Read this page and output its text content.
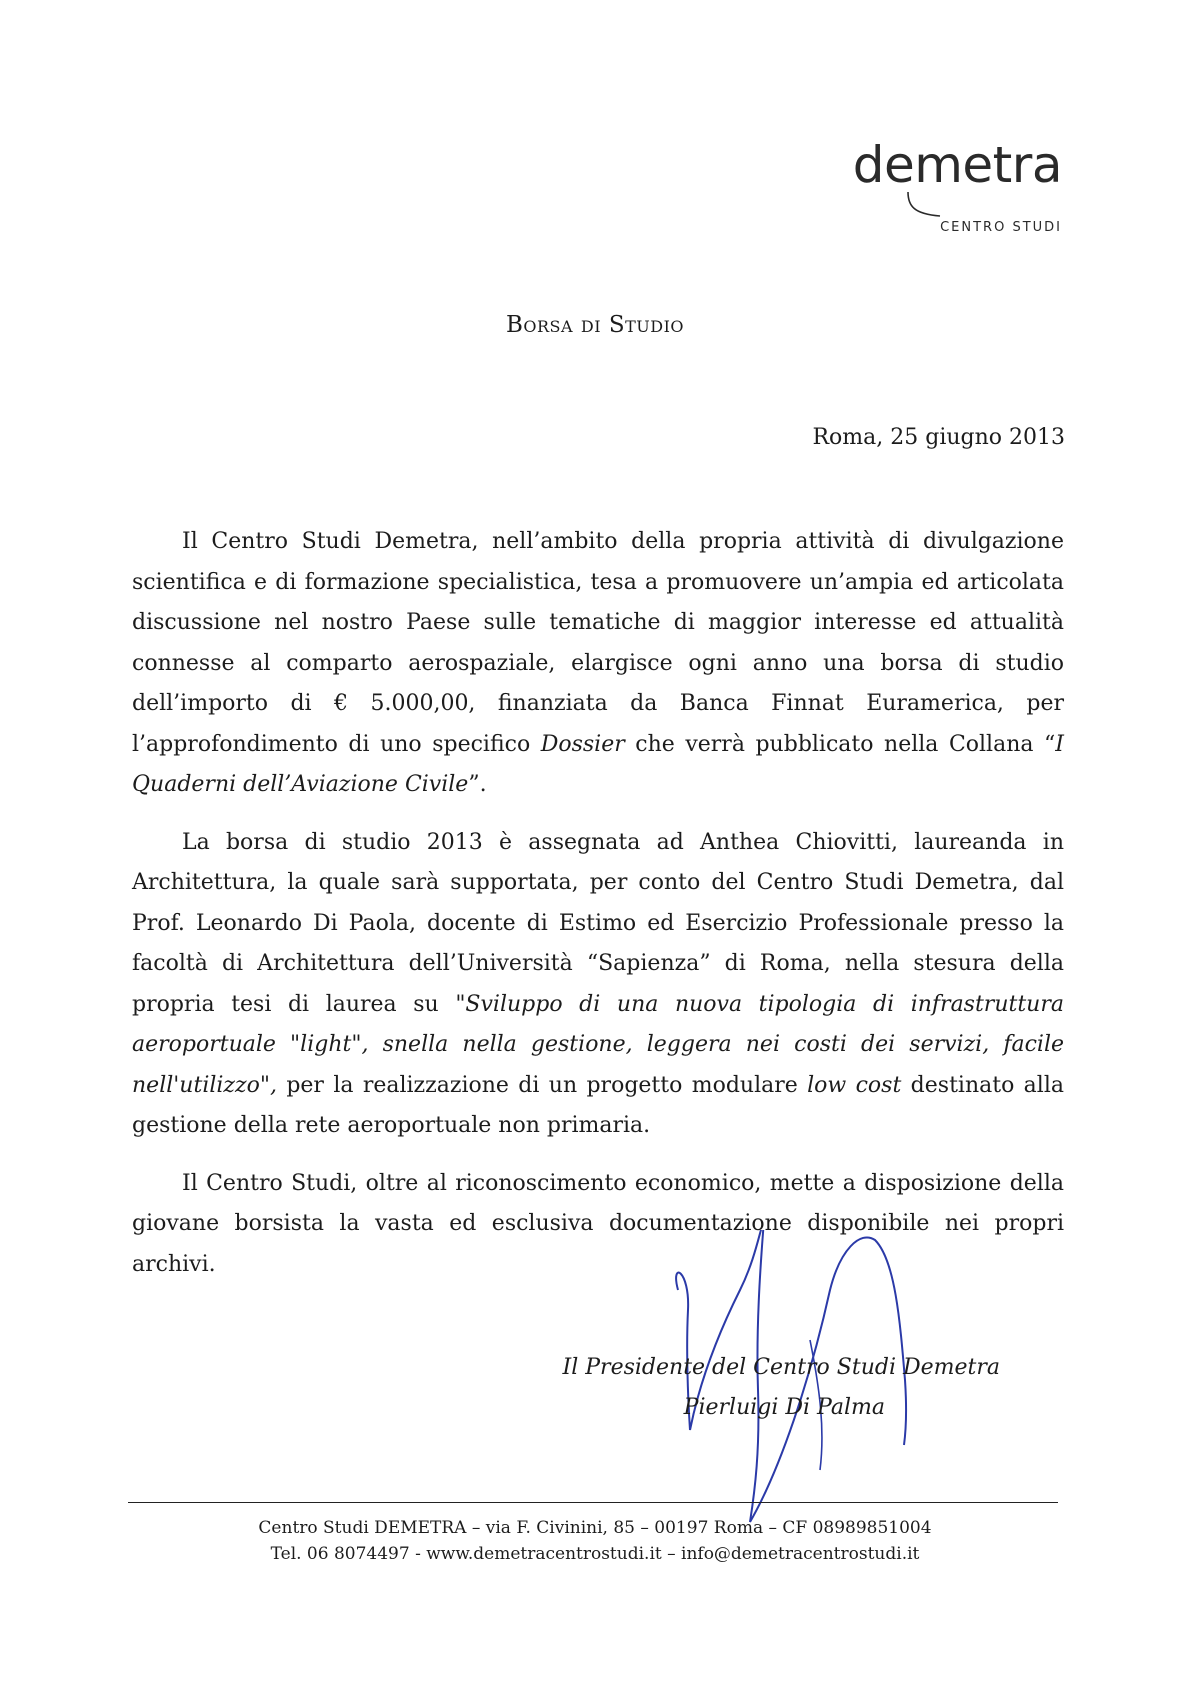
demetra
CENTRO STUDI
Borsa di Studio
Roma, 25 giugno 2013

Il Centro Studi Demetra, nell’ambito della propria attività di divulgazione scientifica e di formazione specialistica, tesa a promuovere un’ampia ed articolata discussione nel nostro Paese sulle tematiche di maggior interesse ed attualità connesse al comparto aerospaziale, elargisce ogni anno una borsa di studio dell’importo di € 5.000,00, finanziata da Banca Finnat Euramerica, per l’approfondimento di uno specifico Dossier che verrà pubblicato nella Collana “I Quaderni dell’Aviazione Civile”.

La borsa di studio 2013 è assegnata ad Anthea Chiovitti, laureanda in Architettura, la quale sarà supportata, per conto del Centro Studi Demetra, dal Prof. Leonardo Di Paola, docente di Estimo ed Esercizio Professionale presso la facoltà di Architettura dell’Università “Sapienza” di Roma, nella stesura della propria tesi di laurea su "Sviluppo di una nuova tipologia di infrastruttura aeroportuale "light", snella nella gestione, leggera nei costi dei servizi, facile nell'utilizzo", per la realizzazione di un progetto modulare low cost destinato alla gestione della rete aeroportuale non primaria.

Il Centro Studi, oltre al riconoscimento economico, mette a disposizione della giovane borsista la vasta ed esclusiva documentazione disponibile nei propri archivi.

Il Presidente del Centro Studi Demetra
Pierluigi Di Palma
Centro Studi DEMETRA – via F. Civinini, 85 – 00197 Roma – CF 08989851004
Tel. 06 8074497 - www.demetracentrostudi.it – info@demetracentrostudi.it
